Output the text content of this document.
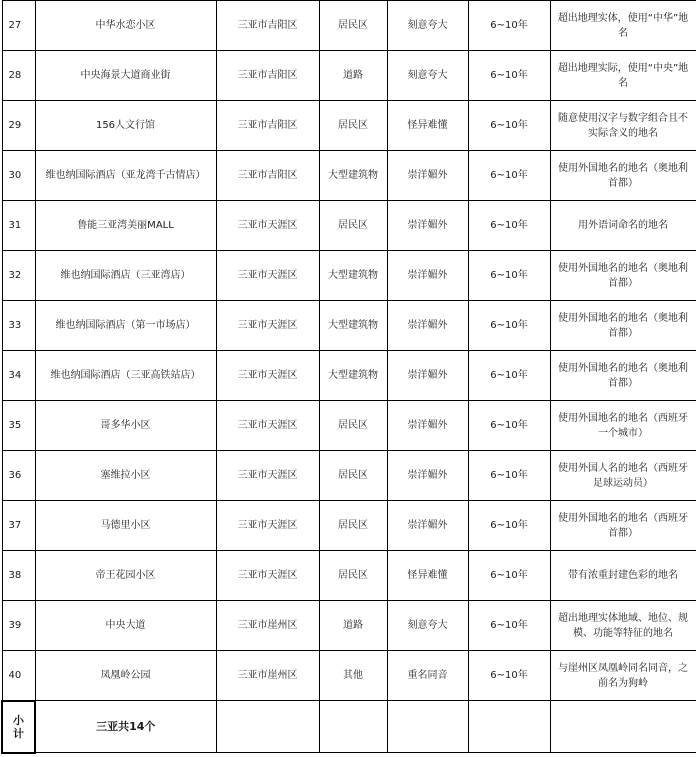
27	中华水恋小区	三亚市吉阳区	居民区	刻意夸大	6~10年	超出地理实体，使用“中华”地名
28	中央海景大道商业街	三亚市吉阳区	道路	刻意夸大	6~10年	超出地理实际，使用“中央”地名
29	156人文行馆	三亚市吉阳区	居民区	怪异难懂	6~10年	随意使用汉字与数字组合且不实际含义的地名
30	维也纳国际酒店（亚龙湾千古情店）	三亚市吉阳区	大型建筑物	崇洋媚外	6~10年	使用外国地名的地名（奥地利首都）
31	鲁能三亚湾美丽MALL	三亚市天涯区	居民区	崇洋媚外	6~10年	用外语词命名的地名
32	维也纳国际酒店（三亚湾店）	三亚市天涯区	大型建筑物	崇洋媚外	6~10年	使用外国地名的地名（奥地利首都）
33	维也纳国际酒店（第一市场店）	三亚市天涯区	大型建筑物	崇洋媚外	6~10年	使用外国地名的地名（奥地利首都）
34	维也纳国际酒店（三亚高铁站店）	三亚市天涯区	大型建筑物	崇洋媚外	6~10年	使用外国地名的地名（奥地利首都）
35	哥多华小区	三亚市天涯区	居民区	崇洋媚外	6~10年	使用外国地名的地名（西班牙一个城市）
36	塞维拉小区	三亚市天涯区	居民区	崇洋媚外	6~10年	使用外国人名的地名（西班牙足球运动员）
37	马德里小区	三亚市天涯区	居民区	崇洋媚外	6~10年	使用外国地名的地名（西班牙首都）
38	帝王花园小区	三亚市天涯区	居民区	怪异难懂	6~10年	带有浓重封建色彩的地名
39	中央大道	三亚市崖州区	道路	刻意夸大	6~10年	超出地理实体地域、地位、规模、功能等特征的地名
40	凤凰岭公园	三亚市崖州区	其他	重名同音	6~10年	与崖州区凤凰岭同名同音，之前名为狗岭

小
计	三亚共14个					
